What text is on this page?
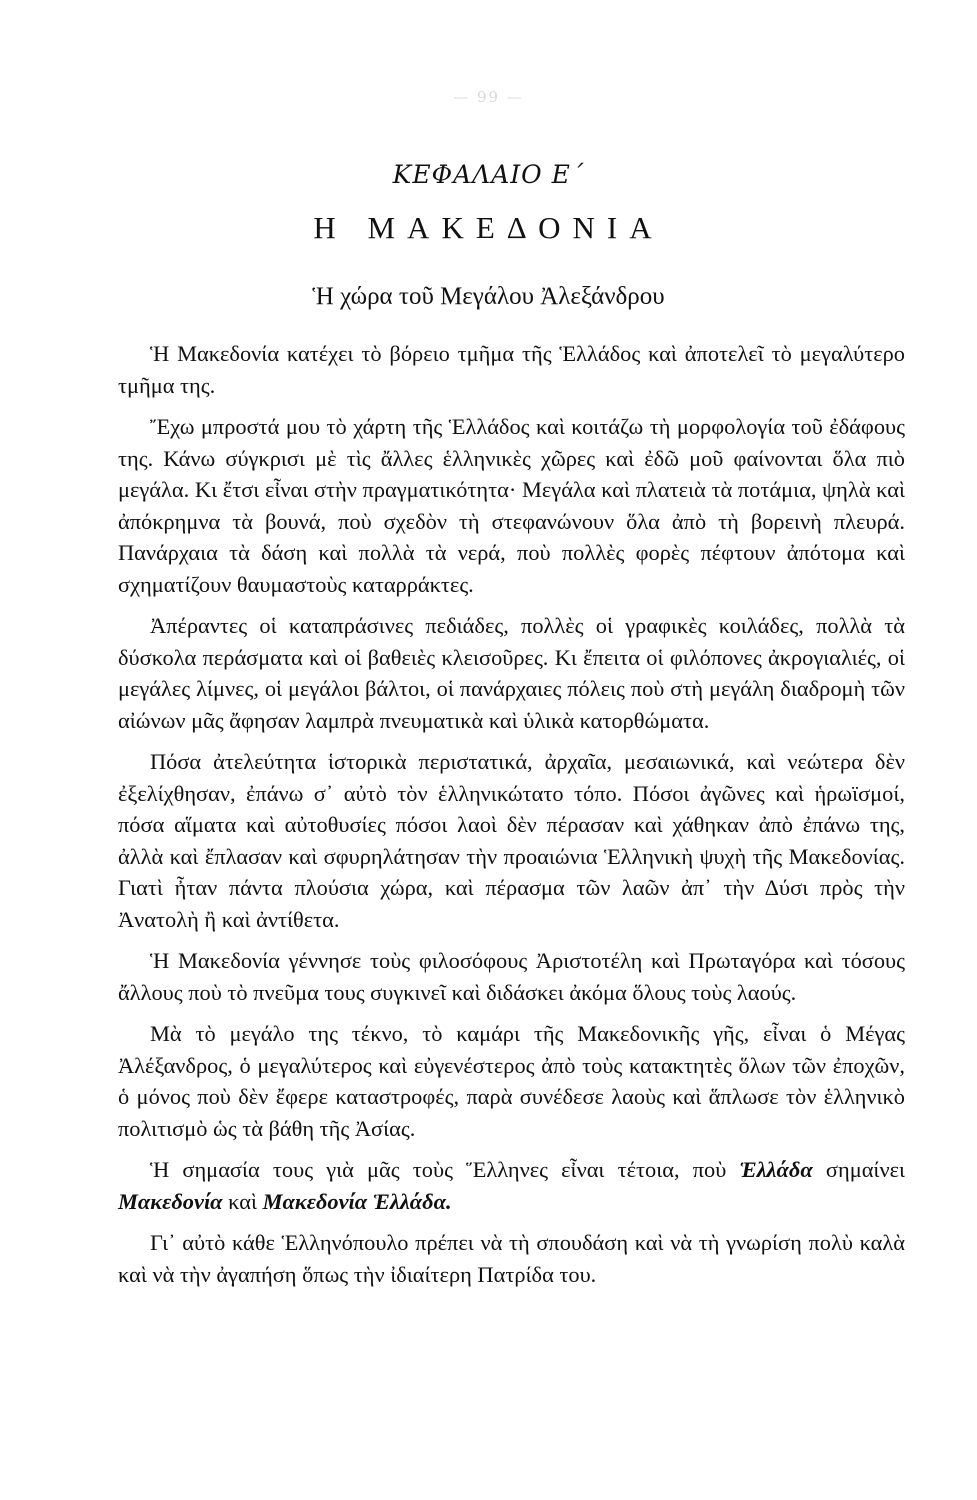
— 99 —
ΚΕΦΑΛΑΙΟ Ε΄
Η ΜΑΚΕΔΟΝΙΑ
Ἡ χώρα τοῦ Μεγάλου Ἀλεξάνδρου

Ἡ Μακεδονία κατέχει τὸ βόρειο τμῆμα τῆς Ἑλλάδος καὶ ἀποτελεῖ τὸ μεγαλύτερο τμῆμα της.

Ἔχω μπροστά μου τὸ χάρτη τῆς Ἑλλάδος καὶ κοιτάζω τὴ μορφολογία τοῦ ἐδάφους της. Κάνω σύγκρισι μὲ τὶς ἄλλες ἑλληνικὲς χῶρες καὶ ἐδῶ μοῦ φαίνονται ὅλα πιὸ μεγάλα. Κι ἔτσι εἶναι στὴν πραγματικότητα· Μεγάλα καὶ πλατειὰ τὰ ποτάμια, ψηλὰ καὶ ἀπόκρημνα τὰ βουνά, ποὺ σχεδὸν τὴ στεφανώνουν ὅλα ἀπὸ τὴ βορεινὴ πλευρά. Πανάρχαια τὰ δάση καὶ πολλὰ τὰ νερά, ποὺ πολλὲς φορὲς πέφτουν ἀπότομα καὶ σχηματίζουν θαυμαστοὺς καταρράκτες.

Ἀπέραντες οἱ καταπράσινες πεδιάδες, πολλὲς οἱ γραφικὲς κοιλάδες, πολλὰ τὰ δύσκολα περάσματα καὶ οἱ βαθειὲς κλεισοῦρες. Κι ἔπειτα οἱ φιλόπονες ἀκρογιαλιές, οἱ μεγάλες λίμνες, οἱ μεγάλοι βάλτοι, οἱ πανάρχαιες πόλεις ποὺ στὴ μεγάλη διαδρομὴ τῶν αἰώνων μᾶς ἄφησαν λαμπρὰ πνευματικὰ καὶ ὑλικὰ κατορθώματα.

Πόσα ἀτελεύτητα ἱστορικὰ περιστατικά, ἀρχαῖα, μεσαιωνικά, καὶ νεώτερα δὲν ἐξελίχθησαν, ἐπάνω σ᾽ αὐτὸ τὸν ἑλληνικώτατο τόπο. Πόσοι ἀγῶνες καὶ ἡρωϊσμοί, πόσα αἵματα καὶ αὐτοθυσίες πόσοι λαοὶ δὲν πέρασαν καὶ χάθηκαν ἀπὸ ἐπάνω της, ἀλλὰ καὶ ἔπλασαν καὶ σφυρηλάτησαν τὴν προαιώνια Ἑλληνικὴ ψυχὴ τῆς Μακεδονίας. Γιατὶ ἦταν πάντα πλούσια χώρα, καὶ πέρασμα τῶν λαῶν ἀπ᾽ τὴν Δύσι πρὸς τὴν Ἀνατολὴ ἢ καὶ ἀντίθετα.

Ἡ Μακεδονία γέννησε τοὺς φιλοσόφους Ἀριστοτέλη καὶ Πρωταγόρα καὶ τόσους ἄλλους ποὺ τὸ πνεῦμα τους συγκινεῖ καὶ διδάσκει ἀκόμα ὅλους τοὺς λαούς.

Μὰ τὸ μεγάλο της τέκνο, τὸ καμάρι τῆς Μακεδονικῆς γῆς, εἶναι ὁ Μέγας Ἀλέξανδρος, ὁ μεγαλύτερος καὶ εὐγενέστερος ἀπὸ τοὺς κατακτητὲς ὅλων τῶν ἐποχῶν, ὁ μόνος ποὺ δὲν ἔφερε καταστροφές, παρὰ συνέδεσε λαοὺς καὶ ἅπλωσε τὸν ἑλληνικὸ πολιτισμὸ ὡς τὰ βάθη τῆς Ἀσίας.

Ἡ σημασία τους γιὰ μᾶς τοὺς Ἕλληνες εἶναι τέτοια, ποὺ Ἑλλάδα σημαίνει Μακεδονία καὶ Μακεδονία Ἑλλάδα.

Γι᾽ αὐτὸ κάθε Ἑλληνόπουλο πρέπει νὰ τὴ σπουδάση καὶ νὰ τὴ γνωρίση πολὺ καλὰ καὶ νὰ τὴν ἀγαπήση ὅπως τὴν ἰδιαίτερη Πατρίδα του.
